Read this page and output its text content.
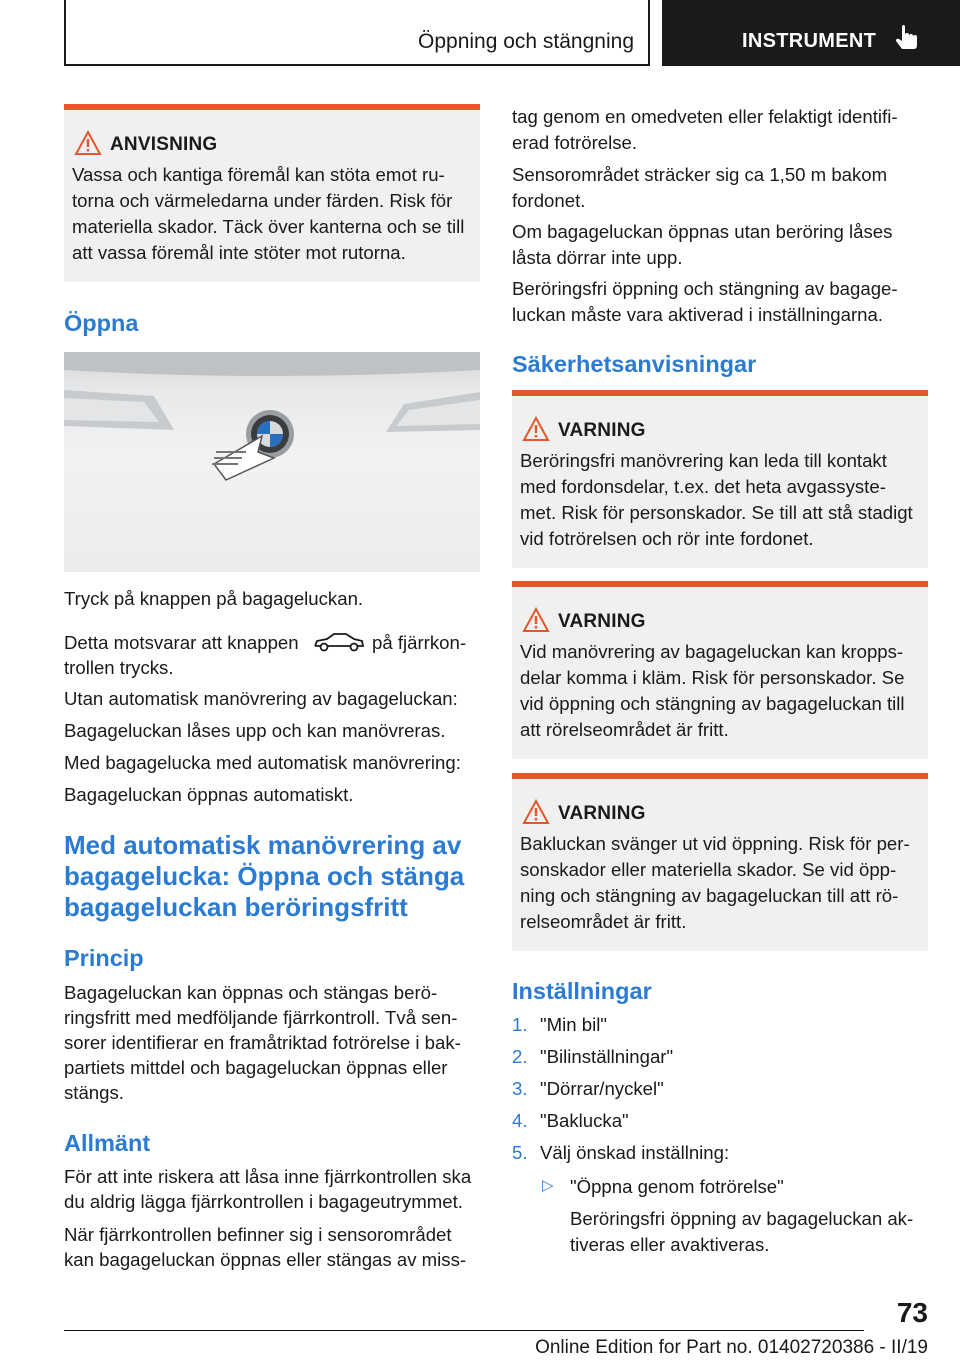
Öppning och stängning	INSTRUMENT
ANVISNING
Vassa och kantiga föremål kan stöta emot ru‐
torna och värmeledarna under färden. Risk för
materiella skador. Täck över kanterna och se till
att vassa föremål inte stöter mot rutorna.
Öppna

Tryck på knappen på bagageluckan.

Detta motsvarar att knappen	på fjärrkon‐

trollen trycks.

Utan automatisk manövrering av bagageluckan:

Bagageluckan låses upp och kan manövreras.

Med bagagelucka med automatisk manövrering:

Bagageluckan öppnas automatiskt.

Med automatisk manövrering av
bagagelucka: Öppna och stänga
bagageluckan beröringsfritt
Princip
Bagageluckan kan öppnas och stängas berö‐
ringsfritt med medföljande fjärrkontroll. Två sen‐
sorer identifierar en framåtriktad fotrörelse i bak‐
partiets mittdel och bagageluckan öppnas eller
stängs.
Allmänt
För att inte riskera att låsa inne fjärrkontrollen ska
du aldrig lägga fjärrkontrollen i bagageutrymmet.
När fjärrkontrollen befinner sig i sensorområdet
kan bagageluckan öppnas eller stängas av miss‐
tag genom en omedveten eller felaktigt identifi‐
erad fotrörelse.
Sensorområdet sträcker sig ca 1,50 m bakom
fordonet.
Om bagageluckan öppnas utan beröring låses
låsta dörrar inte upp.
Beröringsfri öppning och stängning av bagage‐
luckan måste vara aktiverad i inställningarna.
Säkerhetsanvisningar
VARNING
Beröringsfri manövrering kan leda till kontakt
med fordonsdelar, t.ex. det heta avgassyste‐
met. Risk för personskador. Se till att stå stadigt
vid fotrörelsen och rör inte fordonet.
VARNING
Vid manövrering av bagageluckan kan kropps‐
delar komma i kläm. Risk för personskador. Se
vid öppning och stängning av bagageluckan till
att rörelseområdet är fritt.
VARNING
Bakluckan svänger ut vid öppning. Risk för per‐
sonskador eller materiella skador. Se vid öpp‐
ning och stängning av bagageluckan till att rö‐
relseområdet är fritt.
Inställningar
1. "Min bil"
2. "Bilinställningar"
3. "Dörrar/nyckel"
4. "Baklucka"
5. Välj önskad inställning:
▷ "Öppna genom fotrörelse"
Beröringsfri öppning av bagageluckan ak‐
tiveras eller avaktiveras.
73
Online Edition for Part no. 01402720386 - II/19
